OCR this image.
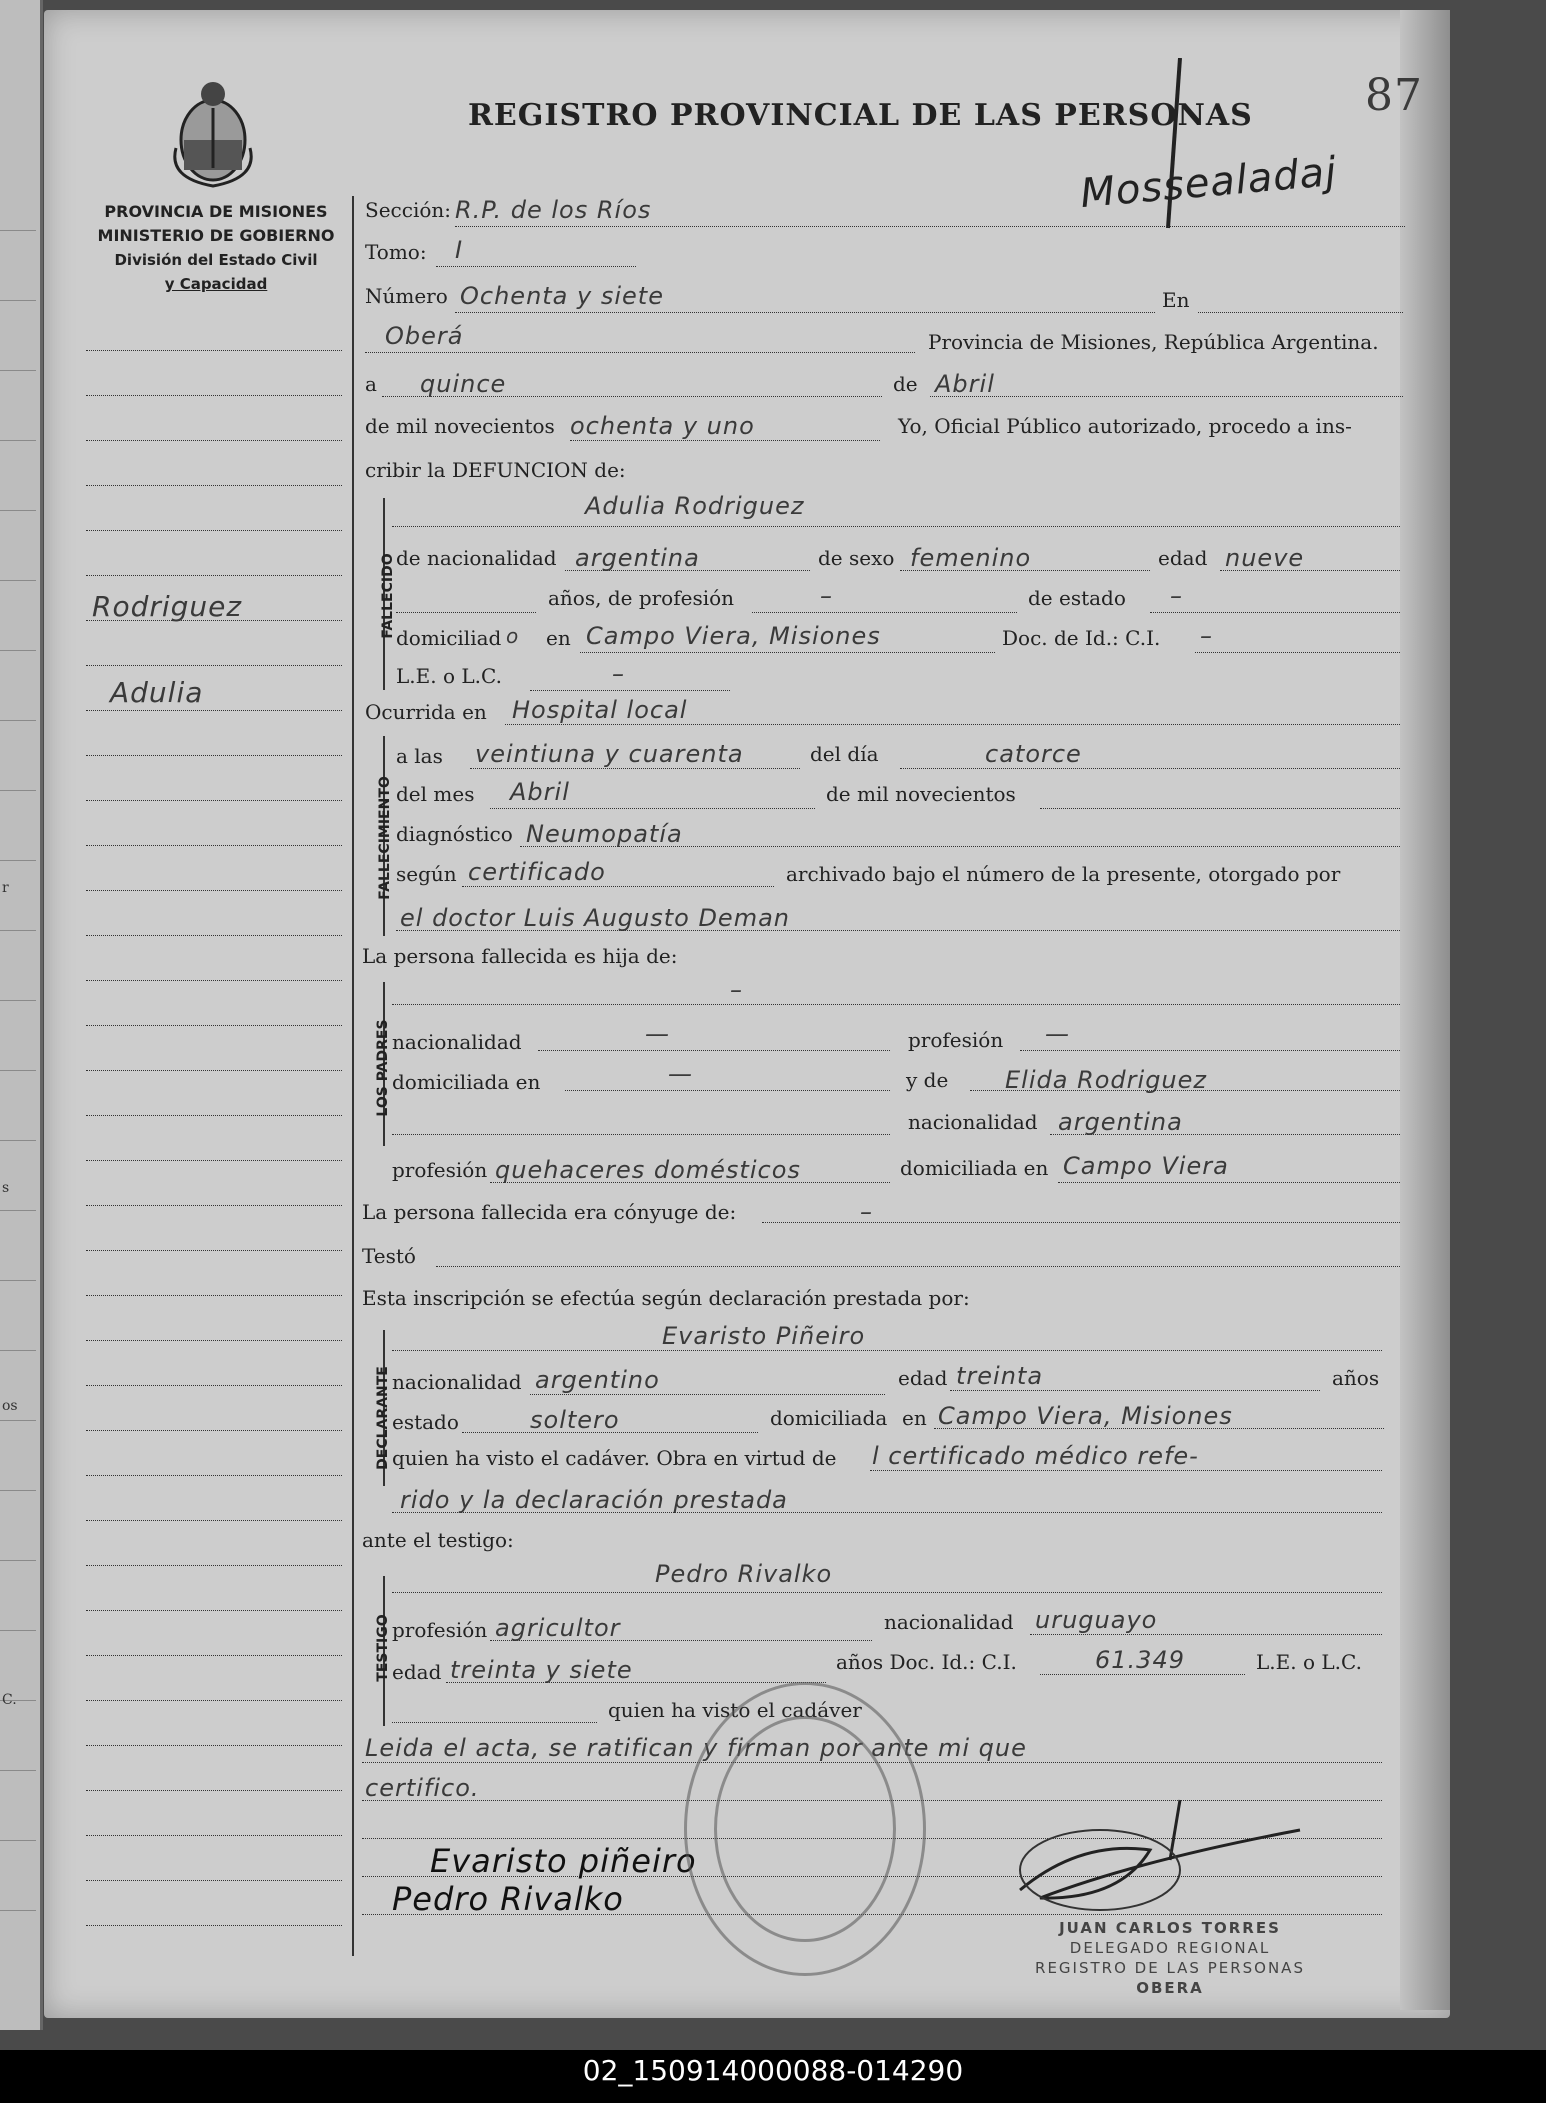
r
s
os
C.
REGISTRO PROVINCIAL DE LAS PERSONAS	87
Mossealadaj
PROVINCIA DE MISIONES
MINISTERIO DE GOBIERNO
División del Estado Civil
y Capacidad
Rodriguez
Adulia
Sección: R.P. de los Ríos
Tomo: I
Número Ochenta y siete	En
Oberá	Provincia de Misiones, República Argentina.
a quince	de Abril
de mil novecientos ochenta y uno	Yo, Oficial Público autorizado, procedo a ins-
cribir la DEFUNCION de:
FALLECIDO
Adulia Rodriguez
de nacionalidad argentina	de sexo femenino	edad nueve
años, de profesión	–	de estado –
domiciliad o en Campo Viera, Misiones	Doc. de Id.: C.I. –
L.E. o L.C.	–
Ocurrida en Hospital local
FALLECIMIENTO
a las veintiuna y cuarenta	del día	catorce
del mes Abril	de mil novecientos
diagnóstico Neumopatía
según certificado	archivado bajo el número de la presente, otorgado por
el doctor Luis Augusto Deman
La persona fallecida es hija de:
LOS PADRES
–
nacionalidad	—	profesión —
domiciliada en	—	y de Elida Rodriguez
nacionalidad argentina
profesión quehaceres domésticos	domiciliada en Campo Viera
La persona fallecida era cónyuge de:	–
Testó
Esta inscripción se efectúa según declaración prestada por:
DECLARANTE
Evaristo Piñeiro
nacionalidad argentino	edad treinta	años
estado	soltero	domiciliada en Campo Viera, Misiones
quien ha visto el cadáver. Obra en virtud de l certificado médico refe-
rido y la declaración prestada
ante el testigo:
TESTIGO
Pedro Rivalko
profesión agricultor	nacionalidad uruguayo
edad treinta y siete	años Doc. Id.: C.I.	61.349	L.E. o L.C.
quien ha visto el cadáver
Leida el acta, se ratifican y firman por ante mi que
certifico.
Evaristo piñeiro
Pedro Rivalko
JUAN CARLOS TORRES
DELEGADO REGIONAL
REGISTRO DE LAS PERSONAS
OBERA
02_150914000088-014290
